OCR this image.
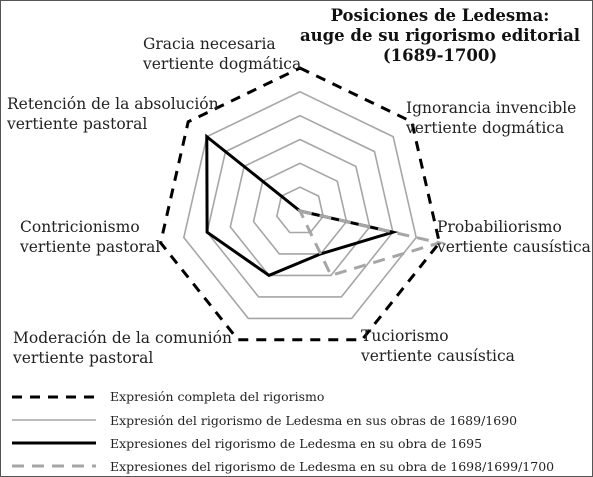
Posiciones de Ledesma:
auge de su rigorismo editorial
(1689-1700)
Gracia necesaria
vertiente dogmática
Ignorancia invencible
vertiente dogmática
Probabiliorismo
vertiente causística
Tuciorismo
vertiente causística
Moderación de la comunión
vertiente pastoral
Contricionismo
vertiente pastoral
Retención de la absolución
vertiente pastoral
Expresión completa del rigorismo
Expresión del rigorismo de Ledesma en sus obras de 1689/1690
Expresiones del rigorismo de Ledesma en su obra de 1695
Expresiones del rigorismo de Ledesma en su obra de 1698/1699/1700
